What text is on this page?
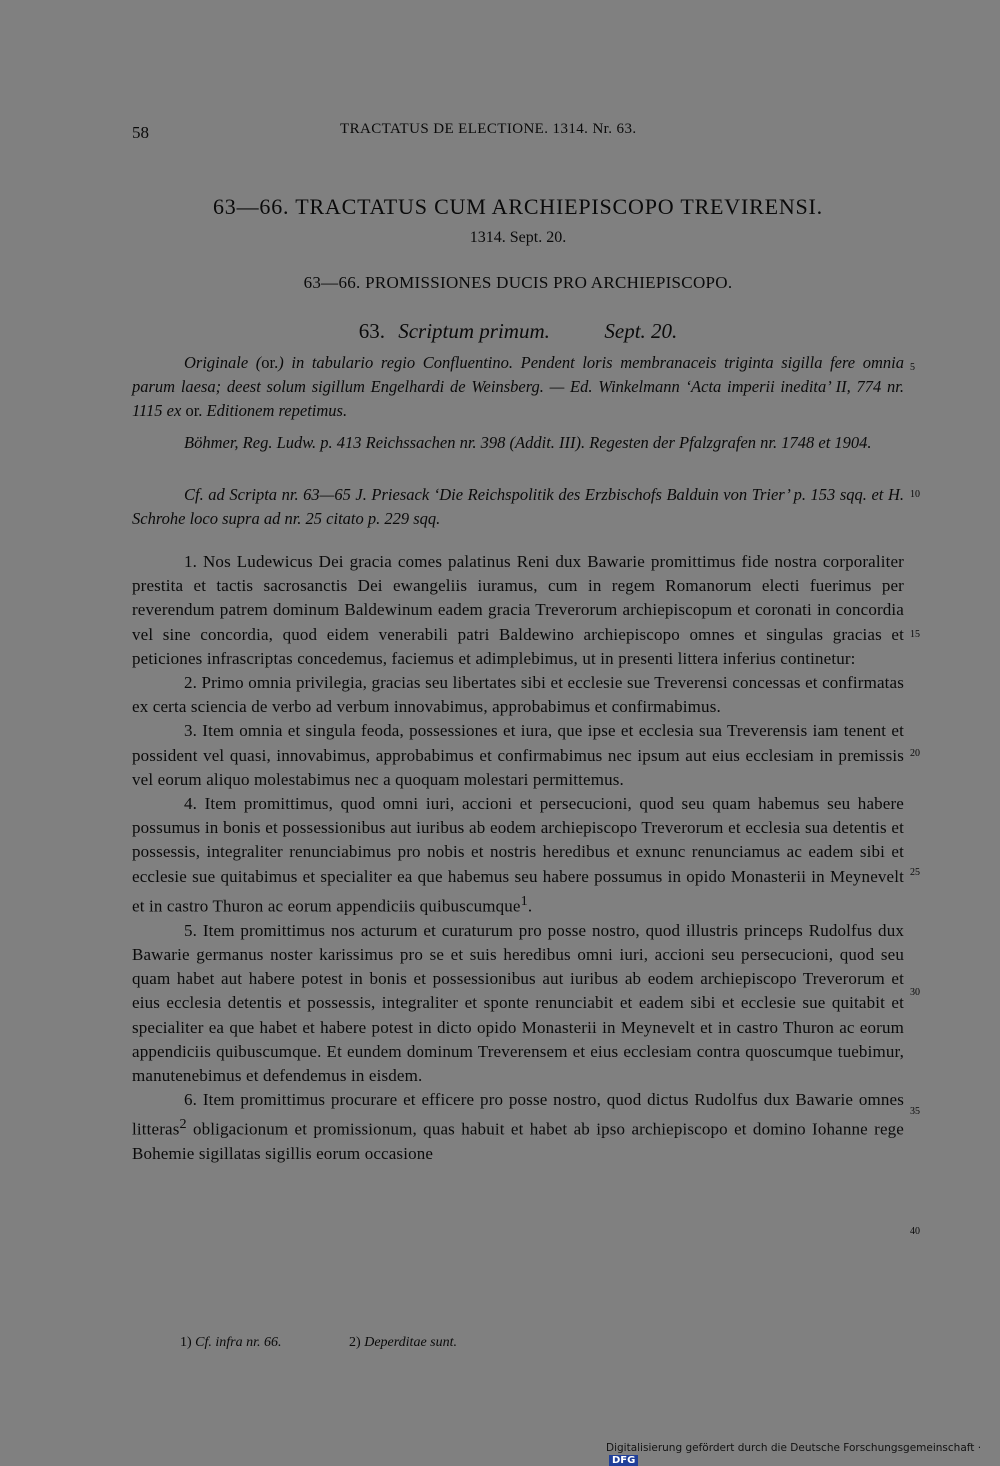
58	TRACTATUS DE ELECTIONE. 1314. Nr. 63.
63—66. TRACTATUS CUM ARCHIEPISCOPO TREVIRENSI.
1314. Sept. 20.
63—66. PROMISSIONES DUCIS PRO ARCHIEPISCOPO.
63. Scriptum primum.	Sept. 20.
Originale (or.) in tabulario regio Confluentino. Pendent loris membranaceis triginta sigilla fere omnia parum laesa; deest solum sigillum Engelhardi de Weinsberg. — Ed. Winkelmann ‘Acta imperii inedita’ II, 774 nr. 1115 ex or. Editionem repetimus.
Böhmer, Reg. Ludw. p. 413 Reichssachen nr. 398 (Addit. III). Regesten der Pfalzgrafen nr. 1748 et 1904.
Cf. ad Scripta nr. 63—65 J. Priesack ‘Die Reichspolitik des Erzbischofs Balduin von Trier’ p. 153 sqq. et H. Schrohe loco supra ad nr. 25 citato p. 229 sqq.

1. Nos Ludewicus Dei gracia comes palatinus Reni dux Bawarie promittimus fide nostra corporaliter prestita et tactis sacrosanctis Dei ewangeliis iuramus, cum in regem Romanorum electi fuerimus per reverendum patrem dominum Baldewinum eadem gracia Treverorum archiepiscopum et coronati in concordia vel sine concordia, quod eidem venerabili patri Baldewino archiepiscopo omnes et singulas gracias et peticiones infrascriptas concedemus, faciemus et adimplebimus, ut in presenti littera inferius continetur:

2. Primo omnia privilegia, gracias seu libertates sibi et ecclesie sue Treverensi concessas et confirmatas ex certa sciencia de verbo ad verbum innovabimus, approbabimus et confirmabimus.

3. Item omnia et singula feoda, possessiones et iura, que ipse et ecclesia sua Treverensis iam tenent et possident vel quasi, innovabimus, approbabimus et confirmabimus nec ipsum aut eius ecclesiam in premissis vel eorum aliquo molestabimus nec a quoquam molestari permittemus.

4. Item promittimus, quod omni iuri, accioni et persecucioni, quod seu quam habemus seu habere possumus in bonis et possessionibus aut iuribus ab eodem archiepiscopo Treverorum et ecclesia sua detentis et possessis, integraliter renunciabimus pro nobis et nostris heredibus et exnunc renunciamus ac eadem sibi et ecclesie sue quitabimus et specialiter ea que habemus seu habere possumus in opido Monasterii in Meynevelt et in castro Thuron ac eorum appendiciis quibuscumque$^1$.

5. Item promittimus nos acturum et curaturum pro posse nostro, quod illustris princeps Rudolfus dux Bawarie germanus noster karissimus pro se et suis heredibus omni iuri, accioni seu persecucioni, quod seu quam habet aut habere potest in bonis et possessionibus aut iuribus ab eodem archiepiscopo Treverorum et eius ecclesia detentis et possessis, integraliter et sponte renunciabit et eadem sibi et ecclesie sue quitabit et specialiter ea que habet et habere potest in dicto opido Monasterii in Meynevelt et in castro Thuron ac eorum appendiciis quibuscumque. Et eundem dominum Treverensem et eius ecclesiam contra quoscumque tuebimur, manutenebimus et defendemus in eisdem.

6. Item promittimus procurare et efficere pro posse nostro, quod dictus Rudolfus dux Bawarie omnes litteras$^2$ obligacionum et promissionum, quas habuit et habet ab ipso archiepiscopo et domino Iohanne rege Bohemie sigillatas sigillis eorum occasione

5
10
15
20
25
30
35
40
1) Cf. infra nr. 66.	2) Deperditae sunt.
Digitalisierung gefördert durch die Deutsche Forschungsgemeinschaft ·DFG
